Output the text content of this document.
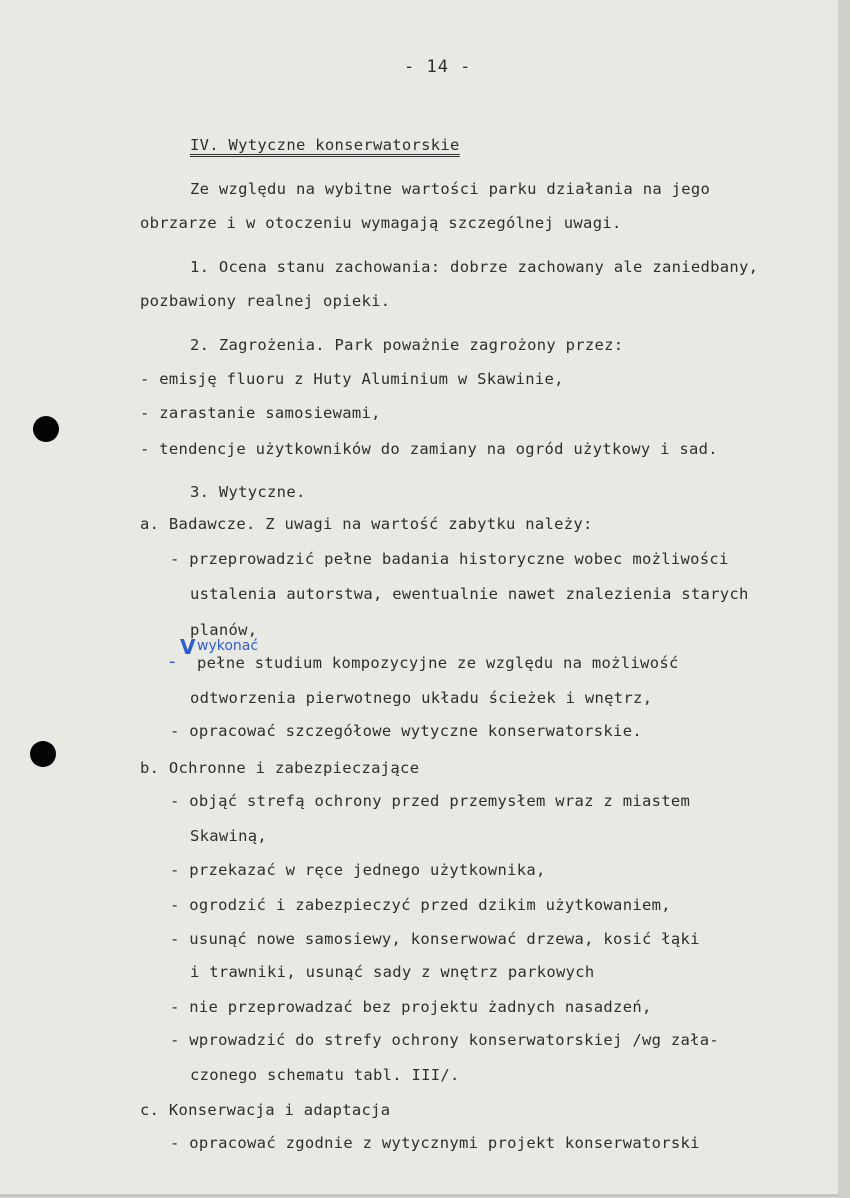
- 14 -
IV. Wytyczne konserwatorskie
Ze względu na wybitne wartości parku działania na jego
obrzarze i w otoczeniu wymagają szczególnej uwagi.
1. Ocena stanu zachowania: dobrze zachowany ale zaniedbany,
pozbawiony realnej opieki.
2. Zagrożenia. Park poważnie zagrożony przez:
- emisję fluoru z Huty Aluminium w Skawinie,
- zarastanie samosiewami,
- tendencje użytkowników do zamiany na ogród użytkowy i sad.
3. Wytyczne.
a. Badawcze. Z uwagi na wartość zabytku należy:
- przeprowadzić pełne badania historyczne wobec możliwości
ustalenia autorstwa, ewentualnie nawet znalezienia starych
planów,
wykonać
-
V
pełne studium kompozycyjne ze względu na możliwość
odtworzenia pierwotnego układu ścieżek i wnętrz,
- opracować szczegółowe wytyczne konserwatorskie.
b. Ochronne i zabezpieczające
- objąć strefą ochrony przed przemysłem wraz z miastem
Skawiną,
- przekazać w ręce jednego użytkownika,
- ogrodzić i zabezpieczyć przed dzikim użytkowaniem,
- usunąć nowe samosiewy, konserwować drzewa, kosić łąki
i trawniki, usunąć sady z wnętrz parkowych
- nie przeprowadzać bez projektu żadnych nasadzeń,
- wprowadzić do strefy ochrony konserwatorskiej /wg zała-
czonego schematu tabl. III/.
c. Konserwacja i adaptacja
- opracować zgodnie z wytycznymi projekt konserwatorski
